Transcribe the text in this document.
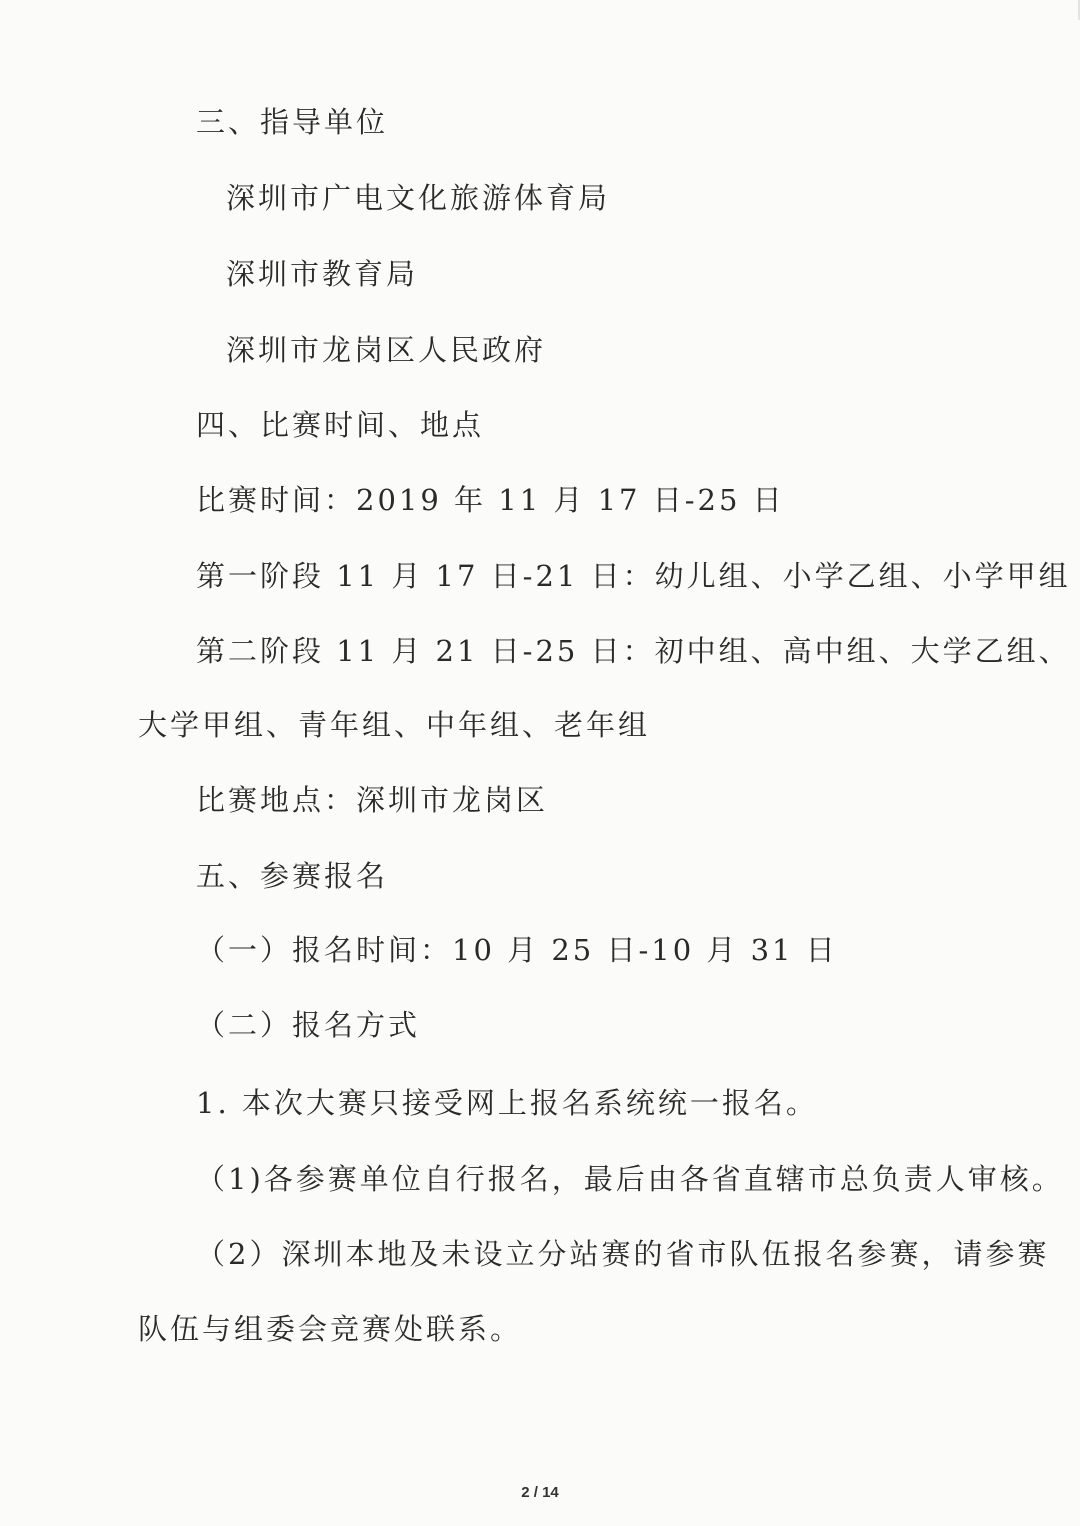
三、指导单位
深圳市广电文化旅游体育局
深圳市教育局
深圳市龙岗区人民政府
四、比赛时间、地点
比赛时间：2019 年 11 月 17 日-25 日
第一阶段 11 月 17 日-21 日：幼儿组、小学乙组、小学甲组
第二阶段 11 月 21 日-25 日：初中组、高中组、大学乙组、
大学甲组、青年组、中年组、老年组
比赛地点：深圳市龙岗区
五、参赛报名
（一）报名时间：10 月 25 日-10 月 31 日
（二）报名方式
1. 本次大赛只接受网上报名系统统一报名。
（1)各参赛单位自行报名，最后由各省直辖市总负责人审核。
（2）深圳本地及未设立分站赛的省市队伍报名参赛，请参赛
队伍与组委会竞赛处联系。
2 / 14
